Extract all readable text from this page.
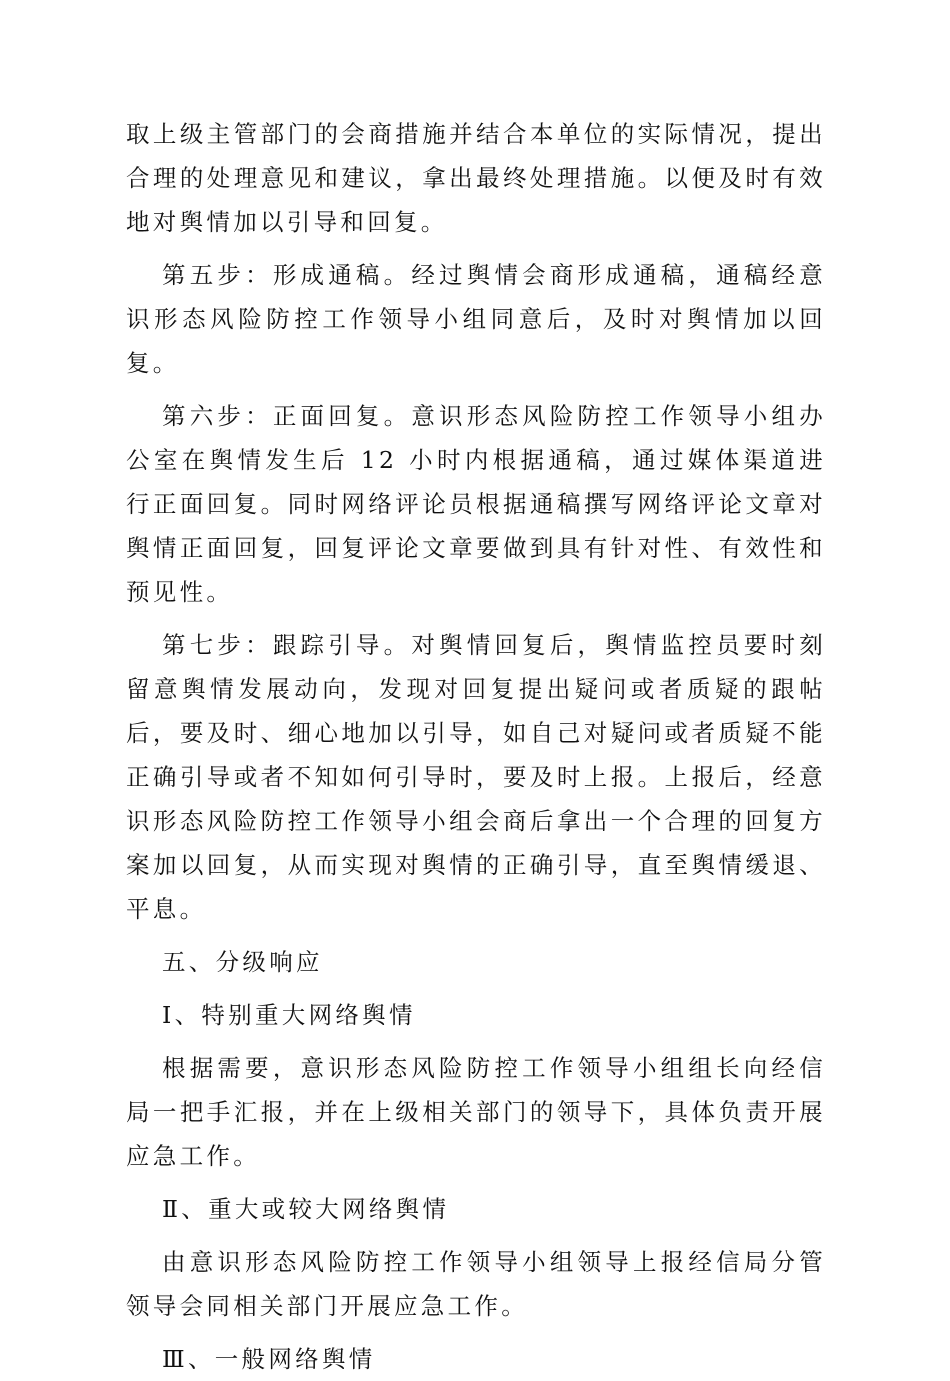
取上级主管部门的会商措施并结合本单位的实际情况，提出合理的处理意见和建议，拿出最终处理措施。以便及时有效地对舆情加以引导和回复。

第五步：形成通稿。经过舆情会商形成通稿，通稿经意识形态风险防控工作领导小组同意后，及时对舆情加以回复。

第六步：正面回复。意识形态风险防控工作领导小组办公室在舆情发生后 12 小时内根据通稿，通过媒体渠道进行正面回复。同时网络评论员根据通稿撰写网络评论文章对舆情正面回复，回复评论文章要做到具有针对性、有效性和预见性。

第七步：跟踪引导。对舆情回复后，舆情监控员要时刻留意舆情发展动向，发现对回复提出疑问或者质疑的跟帖后，要及时、细心地加以引导，如自己对疑问或者质疑不能正确引导或者不知如何引导时，要及时上报。上报后，经意识形态风险防控工作领导小组会商后拿出一个合理的回复方案加以回复，从而实现对舆情的正确引导，直至舆情缓退、平息。

五、分级响应

Ⅰ、特别重大网络舆情

根据需要，意识形态风险防控工作领导小组组长向经信局一把手汇报，并在上级相关部门的领导下，具体负责开展应急工作。

Ⅱ、重大或较大网络舆情

由意识形态风险防控工作领导小组领导上报经信局分管领导会同相关部门开展应急工作。

Ⅲ、一般网络舆情
